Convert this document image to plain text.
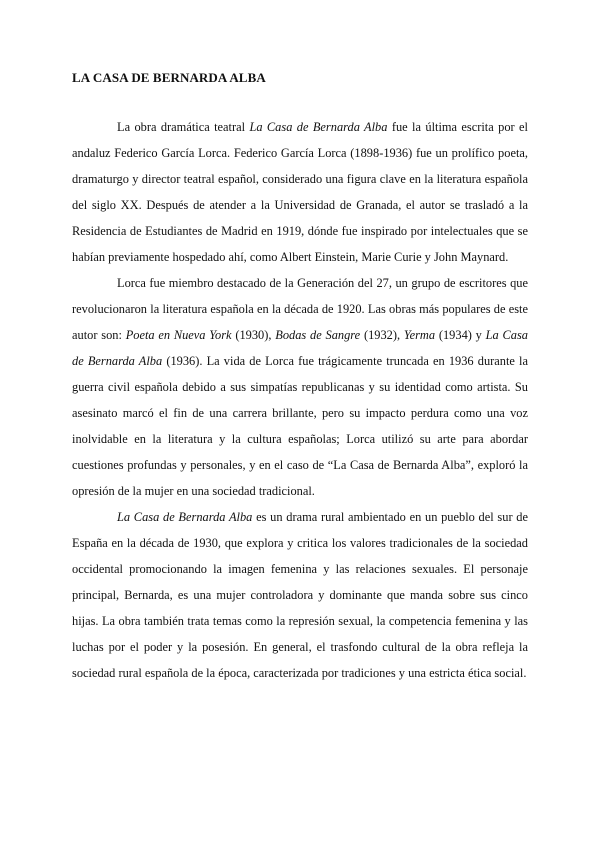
LA CASA DE BERNARDA ALBA

La obra dramática teatral La Casa de Bernarda Alba fue la última escrita por el andaluz Federico García Lorca. Federico García Lorca (1898-1936) fue un prolífico poeta, dramaturgo y director teatral español, considerado una figura clave en la literatura española del siglo XX. Después de atender a la Universidad de Granada, el autor se trasladó a la Residencia de Estudiantes de Madrid en 1919, dónde fue inspirado por intelectuales que se habían previamente hospedado ahí, como Albert Einstein, Marie Curie y John Maynard.

Lorca fue miembro destacado de la Generación del 27, un grupo de escritores que revolucionaron la literatura española en la década de 1920. Las obras más populares de este autor son: Poeta en Nueva York (1930), Bodas de Sangre (1932), Yerma (1934) y La Casa de Bernarda Alba (1936). La vida de Lorca fue trágicamente truncada en 1936 durante la guerra civil española debido a sus simpatías republicanas y su identidad como artista. Su asesinato marcó el fin de una carrera brillante, pero su impacto perdura como una voz inolvidable en la literatura y la cultura españolas; Lorca utilizó su arte para abordar cuestiones profundas y personales, y en el caso de “La Casa de Bernarda Alba”, exploró la opresión de la mujer en una sociedad tradicional.

La Casa de Bernarda Alba es un drama rural ambientado en un pueblo del sur de España en la década de 1930, que explora y critica los valores tradicionales de la sociedad occidental promocionando la imagen femenina y las relaciones sexuales. El personaje principal, Bernarda, es una mujer controladora y dominante que manda sobre sus cinco hijas. La obra también trata temas como la represión sexual, la competencia femenina y las luchas por el poder y la posesión. En general, el trasfondo cultural de la obra refleja la sociedad rural española de la época, caracterizada por tradiciones y una estricta ética social.
